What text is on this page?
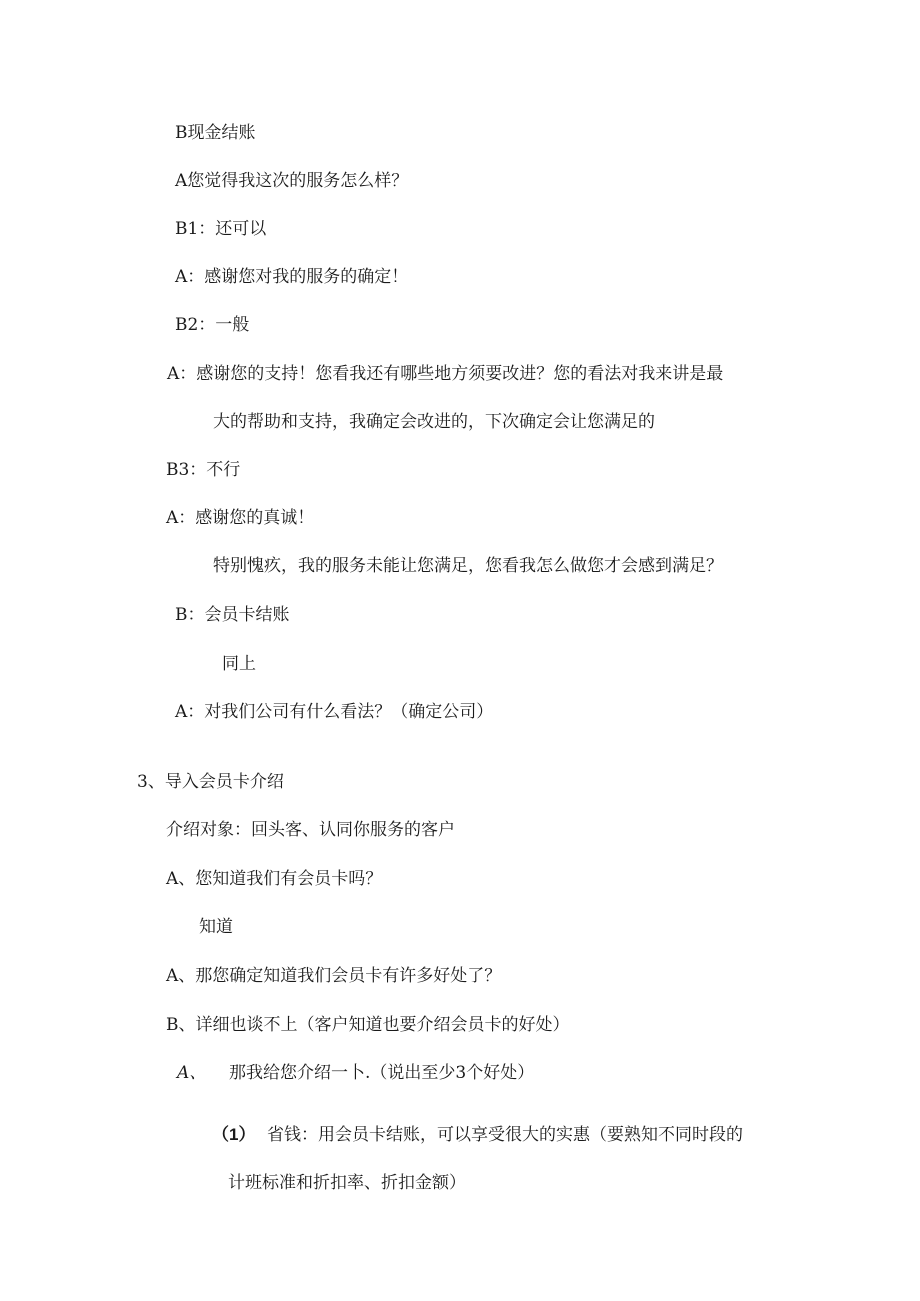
B现金结账
A您觉得我这次的服务怎么样？
B1：还可以
A：感谢您对我的服务的确定！
B2：一般
A：感谢您的支持！您看我还有哪些地方须要改进？您的看法对我来讲是最
大的帮助和支持，我确定会改进的，下次确定会让您满足的
B3：不行
A：感谢您的真诚！
特别愧疚，我的服务未能让您满足，您看我怎么做您才会感到满足？
B：会员卡结账
同上
A：对我们公司有什么看法？（确定公司）
3、导入会员卡介绍
介绍对象：回头客、认同你服务的客户
A、您知道我们有会员卡吗？
知道
A、那您确定知道我们会员卡有许多好处了？
B、详细也谈不上（客户知道也要介绍会员卡的好处）
A、 那我给您介绍一卜.（说出至少3个好处）
（1） 省钱：用会员卡结账，可以享受很大的实惠（要熟知不同时段的
计班标准和折扣率、折扣金额）
